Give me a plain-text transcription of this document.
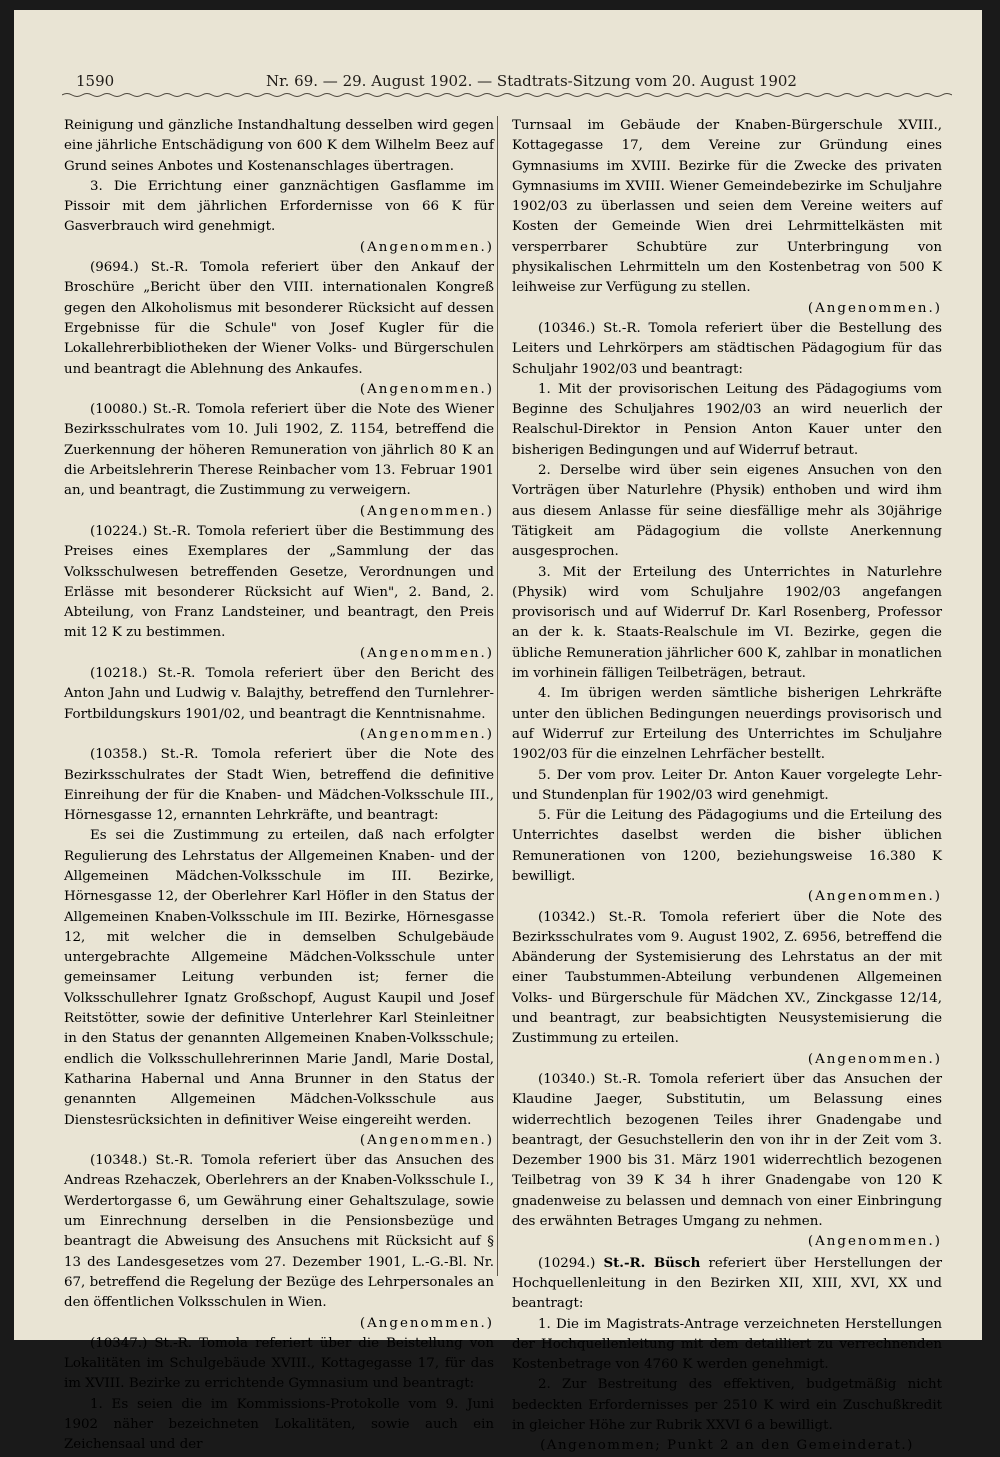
1590	Nr. 69. — 29. August 1902. — Stadtrats-Sitzung vom 20. August 1902

Reinigung und gänzliche Instandhaltung desselben wird gegen eine jährliche Entschädigung von 600 K dem Wilhelm Beez auf Grund seines Anbotes und Kostenanschlages übertragen.

3. Die Errichtung einer ganznächtigen Gasflamme im Pissoir mit dem jährlichen Erfordernisse von 66 K für Gasverbrauch wird genehmigt.

(Angenommen.)

(9694.) St.-R. Tomola referiert über den Ankauf der Broschüre „Bericht über den VIII. internationalen Kongreß gegen den Alkoholismus mit besonderer Rücksicht auf dessen Ergebnisse für die Schule" von Josef Kugler für die Lokallehrerbibliotheken der Wiener Volks- und Bürgerschulen und beantragt die Ablehnung des Ankaufes.

(Angenommen.)

(10080.) St.-R. Tomola referiert über die Note des Wiener Bezirksschulrates vom 10. Juli 1902, Z. 1154, betreffend die Zuerkennung der höheren Remuneration von jährlich 80 K an die Arbeitslehrerin Therese Reinbacher vom 13. Februar 1901 an, und beantragt, die Zustimmung zu verweigern.

(Angenommen.)

(10224.) St.-R. Tomola referiert über die Bestimmung des Preises eines Exemplares der „Sammlung der das Volksschulwesen betreffenden Gesetze, Verordnungen und Erlässe mit besonderer Rücksicht auf Wien", 2. Band, 2. Abteilung, von Franz Landsteiner, und beantragt, den Preis mit 12 K zu bestimmen.

(Angenommen.)

(10218.) St.-R. Tomola referiert über den Bericht des Anton Jahn und Ludwig v. Balajthy, betreffend den Turnlehrer-Fortbildungskurs 1901/02, und beantragt die Kenntnisnahme.

(Angenommen.)

(10358.) St.-R. Tomola referiert über die Note des Bezirksschulrates der Stadt Wien, betreffend die definitive Einreihung der für die Knaben- und Mädchen-Volksschule III., Hörnesgasse 12, ernannten Lehrkräfte, und beantragt:

Es sei die Zustimmung zu erteilen, daß nach erfolgter Regulierung des Lehrstatus der Allgemeinen Knaben- und der Allgemeinen Mädchen-Volksschule im III. Bezirke, Hörnesgasse 12, der Oberlehrer Karl Höfler in den Status der Allgemeinen Knaben-Volksschule im III. Bezirke, Hörnesgasse 12, mit welcher die in demselben Schulgebäude untergebrachte Allgemeine Mädchen-Volksschule unter gemeinsamer Leitung verbunden ist; ferner die Volksschullehrer Ignatz Großschopf, August Kaupil und Josef Reitstötter, sowie der definitive Unterlehrer Karl Steinleitner in den Status der genannten Allgemeinen Knaben-Volksschule; endlich die Volksschullehrerinnen Marie Jandl, Marie Dostal, Katharina Habernal und Anna Brunner in den Status der genannten Allgemeinen Mädchen-Volksschule aus Dienstesrücksichten in definitiver Weise eingereiht werden.

(Angenommen.)

(10348.) St.-R. Tomola referiert über das Ansuchen des Andreas Rzehaczek, Oberlehrers an der Knaben-Volksschule I., Werdertorgasse 6, um Gewährung einer Gehaltszulage, sowie um Einrechnung derselben in die Pensionsbezüge und beantragt die Abweisung des Ansuchens mit Rücksicht auf § 13 des Landesgesetzes vom 27. Dezember 1901, L.-G.-Bl. Nr. 67, betreffend die Regelung der Bezüge des Lehrpersonales an den öffentlichen Volksschulen in Wien.

(Angenommen.)

(10347.) St.-R. Tomola referiert über die Beistellung von Lokalitäten im Schulgebäude XVIII., Kottagegasse 17, für das im XVIII. Bezirke zu errichtende Gymnasium und beantragt:

1. Es seien die im Kommissions-Protokolle vom 9. Juni 1902 näher bezeichneten Lokalitäten, sowie auch ein Zeichensaal und der

Turnsaal im Gebäude der Knaben-Bürgerschule XVIII., Kottagegasse 17, dem Vereine zur Gründung eines Gymnasiums im XVIII. Bezirke für die Zwecke des privaten Gymnasiums im XVIII. Wiener Gemeindebezirke im Schuljahre 1902/03 zu überlassen und seien dem Vereine weiters auf Kosten der Gemeinde Wien drei Lehrmittelkästen mit versperrbarer Schubtüre zur Unterbringung von physikalischen Lehrmitteln um den Kostenbetrag von 500 K leihweise zur Verfügung zu stellen.

(Angenommen.)

(10346.) St.-R. Tomola referiert über die Bestellung des Leiters und Lehrkörpers am städtischen Pädagogium für das Schuljahr 1902/03 und beantragt:

1. Mit der provisorischen Leitung des Pädagogiums vom Beginne des Schuljahres 1902/03 an wird neuerlich der Realschul-Direktor in Pension Anton Kauer unter den bisherigen Bedingungen und auf Widerruf betraut.

2. Derselbe wird über sein eigenes Ansuchen von den Vorträgen über Naturlehre (Physik) enthoben und wird ihm aus diesem Anlasse für seine diesfällige mehr als 30jährige Tätigkeit am Pädagogium die vollste Anerkennung ausgesprochen.

3. Mit der Erteilung des Unterrichtes in Naturlehre (Physik) wird vom Schuljahre 1902/03 angefangen provisorisch und auf Widerruf Dr. Karl Rosenberg, Professor an der k. k. Staats-Realschule im VI. Bezirke, gegen die übliche Remuneration jährlicher 600 K, zahlbar in monatlichen im vorhinein fälligen Teilbeträgen, betraut.

4. Im übrigen werden sämtliche bisherigen Lehrkräfte unter den üblichen Bedingungen neuerdings provisorisch und auf Widerruf zur Erteilung des Unterrichtes im Schuljahre 1902/03 für die einzelnen Lehrfächer bestellt.

5. Der vom prov. Leiter Dr. Anton Kauer vorgelegte Lehr- und Stundenplan für 1902/03 wird genehmigt.

5. Für die Leitung des Pädagogiums und die Erteilung des Unterrichtes daselbst werden die bisher üblichen Remunerationen von 1200, beziehungsweise 16.380 K bewilligt.

(Angenommen.)

(10342.) St.-R. Tomola referiert über die Note des Bezirksschulrates vom 9. August 1902, Z. 6956, betreffend die Abänderung der Systemisierung des Lehrstatus an der mit einer Taubstummen-Abteilung verbundenen Allgemeinen Volks- und Bürgerschule für Mädchen XV., Zinckgasse 12/14, und beantragt, zur beabsichtigten Neusystemisierung die Zustimmung zu erteilen.

(Angenommen.)

(10340.) St.-R. Tomola referiert über das Ansuchen der Klaudine Jaeger, Substitutin, um Belassung eines widerrechtlich bezogenen Teiles ihrer Gnadengabe und beantragt, der Gesuchstellerin den von ihr in der Zeit vom 3. Dezember 1900 bis 31. März 1901 widerrechtlich bezogenen Teilbetrag von 39 K 34 h ihrer Gnadengabe von 120 K gnadenweise zu belassen und demnach von einer Einbringung des erwähnten Betrages Umgang zu nehmen.

(Angenommen.)

(10294.) St.-R. Büsch referiert über Herstellungen der Hochquellenleitung in den Bezirken XII, XIII, XVI, XX und beantragt:

1. Die im Magistrats-Antrage verzeichneten Herstellungen der Hochquellenleitung mit dem detailliert zu verrechnenden Kostenbetrage von 4760 K werden genehmigt.

2. Zur Bestreitung des effektiven, budgetmäßig nicht bedeckten Erfordernisses per 2510 K wird ein Zuschußkredit in gleicher Höhe zur Rubrik XXVI 6 a bewilligt.

(Angenommen; Punkt 2 an den Gemeinderat.)
